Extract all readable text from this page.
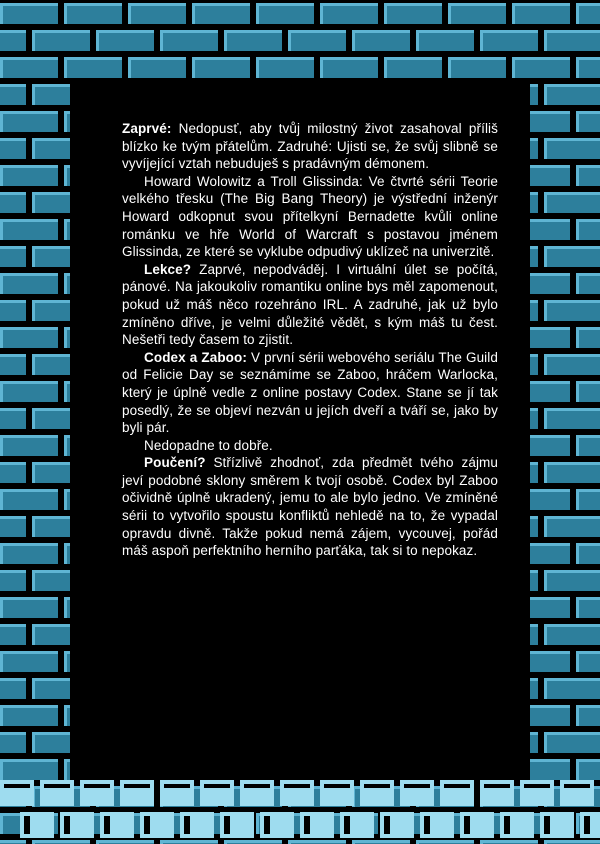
Zaprvé: Nedopusť, aby tvůj milostný život zasahoval příliš blízko ke tvým přátelům. Zadruhé: Ujisti se, že svůj slibně se vyvíjející vztah nebuduješ s pradávným démonem.

Howard Wolowitz a Troll Glissinda: Ve čtvrté sérii Teorie velkého třesku (The Big Bang Theory) je výstřední inženýr Howard odkopnut svou přítelkyní Bernadette kvůli online románku ve hře World of Warcraft s postavou jménem Glissinda, ze které se vyklube odpudivý uklízeč na univerzitě.

Lekce? Zaprvé, nepodváděj. I virtuální úlet se počítá, pánové. Na jakoukoliv romantiku online bys měl zapomenout, pokud už máš něco rozehráno IRL. A zadruhé, jak už bylo zmíněno dříve, je velmi důležité vědět, s kým máš tu čest. Nešetři tedy časem to zjistit.

Codex a Zaboo: V první sérii webového seriálu The Guild od Felicie Day se seznámíme se Zaboo, hráčem Warlocka, který je úplně vedle z online postavy Codex. Stane se jí tak posedlý, že se objeví nezván u jejích dveří a tváří se, jako by byli pár.

Nedopadne to dobře.

Poučení? Střízlivě zhodnoť, zda předmět tvého zájmu jeví podobné sklony směrem k tvojí osobě. Codex byl Zaboo očividně úplně ukradený, jemu to ale bylo jedno. Ve zmíněné sérii to vytvořilo spoustu konfliktů nehledě na to, že vypadal opravdu divně. Takže pokud nemá zájem, vycouvej, pořád máš aspoň perfektního herního parťáka, tak si to nepokaz.
